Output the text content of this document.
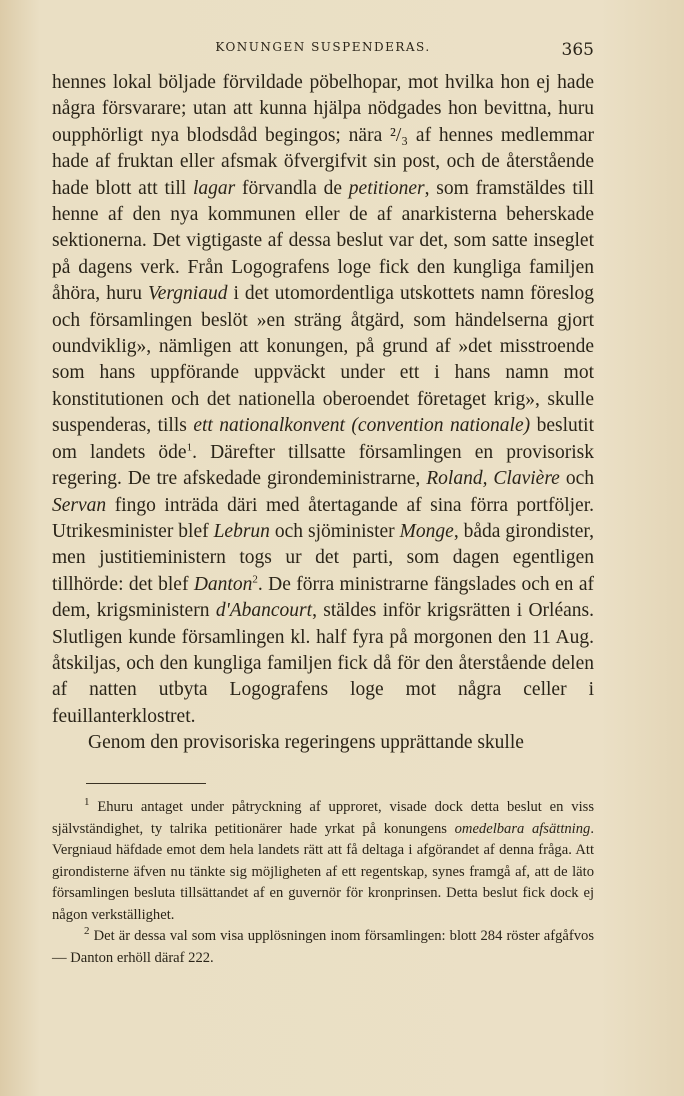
KONUNGEN SUSPENDERAS.	365

hennes lokal böljade förvildade pöbelhopar, mot hvilka hon ej hade några försvarare; utan att kunna hjälpa nödgades hon bevittna, huru oupphörligt nya blodsdåd begingos; nära ²/₃ af hennes medlemmar hade af fruktan eller afsmak öfvergifvit sin post, och de återstående hade blott att till lagar förvandla de petitioner, som framstäldes till henne af den nya kommunen eller de af anarkisterna beherskade sektionerna. Det vigtigaste af dessa beslut var det, som satte inseglet på dagens verk. Från Logografens loge fick den kungliga familjen åhöra, huru Vergniaud i det utomordentliga utskottets namn föreslog och församlingen beslöt »en sträng åtgärd, som händelserna gjort oundviklig», nämligen att konungen, på grund af »det misstroende som hans uppförande uppväckt under ett i hans namn mot konstitutionen och det nationella oberoendet företaget krig», skulle suspenderas, tills ett nationalkonvent (convention nationale) beslutit om landets öde$^1$. Därefter tillsatte församlingen en provisorisk regering. De tre afskedade girondeministrarne, Roland, Clavière och Servan fingo inträda däri med återtagande af sina förra portföljer. Utrikesminister blef Lebrun och sjöminister Monge, båda girondister, men justitieministern togs ur det parti, som dagen egentligen tillhörde: det blef Danton$^2$. De förra ministrarne fängslades och en af dem, krigsministern d'Abancourt, stäldes inför krigsrätten i Orléans. Slutligen kunde församlingen kl. half fyra på morgonen den 11 Aug. åtskiljas, och den kungliga familjen fick då för den återstående delen af natten utbyta Logografens loge mot några celler i feuillanterklostret.

Genom den provisoriska regeringens upprättande skulle

$^1$ Ehuru antaget under påtryckning af upproret, visade dock detta beslut en viss självständighet, ty talrika petitionärer hade yrkat på konungens omedelbara afsättning. Vergniaud häfdade emot dem hela landets rätt att få deltaga i afgörandet af denna fråga. Att girondisterne äfven nu tänkte sig möjligheten af ett regentskap, synes framgå af, att de läto församlingen besluta tillsättandet af en guvernör för kronprinsen. Detta beslut fick dock ej någon verkställighet.

$^2$ Det är dessa val som visa upplösningen inom församlingen: blott 284 röster afgåfvos — Danton erhöll däraf 222.
